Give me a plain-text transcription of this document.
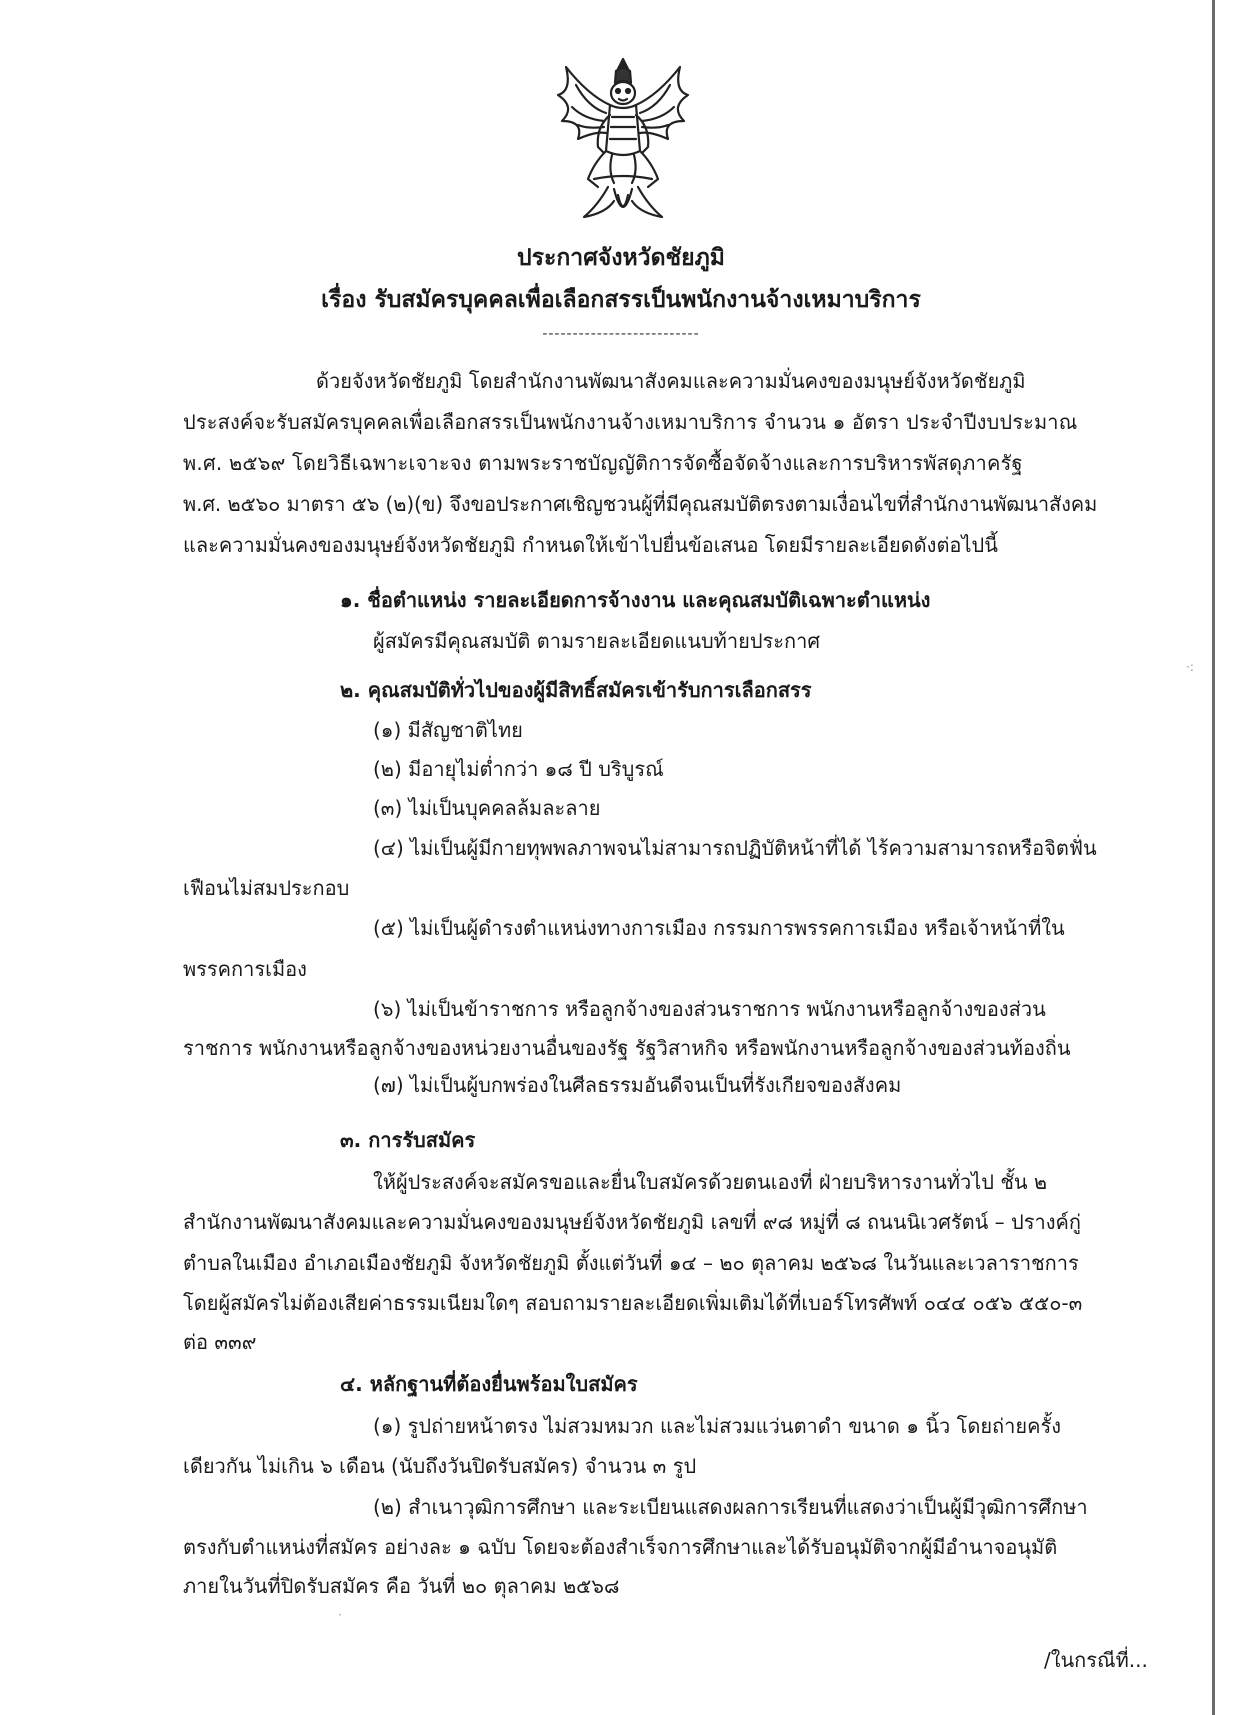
ประกาศจังหวัดชัยภูมิ
เรื่อง รับสมัครบุคคลเพื่อเลือกสรรเป็นพนักงานจ้างเหมาบริการ
--------------------------
ด้วยจังหวัดชัยภูมิ โดยสำนักงานพัฒนาสังคมและความมั่นคงของมนุษย์จังหวัดชัยภูมิ
ประสงค์จะรับสมัครบุคคลเพื่อเลือกสรรเป็นพนักงานจ้างเหมาบริการ จำนวน ๑ อัตรา ประจำปีงบประมาณ
พ.ศ. ๒๕๖๙ โดยวิธีเฉพาะเจาะจง ตามพระราชบัญญัติการจัดซื้อจัดจ้างและการบริหารพัสดุภาครัฐ
พ.ศ. ๒๕๖๐ มาตรา ๕๖ (๒)(ข) จึงขอประกาศเชิญชวนผู้ที่มีคุณสมบัติตรงตามเงื่อนไขที่สำนักงานพัฒนาสังคม
และความมั่นคงของมนุษย์จังหวัดชัยภูมิ กำหนดให้เข้าไปยื่นข้อเสนอ โดยมีรายละเอียดดังต่อไปนี้
๑. ชื่อตำแหน่ง รายละเอียดการจ้างงาน และคุณสมบัติเฉพาะตำแหน่ง
ผู้สมัครมีคุณสมบัติ ตามรายละเอียดแนบท้ายประกาศ
๒. คุณสมบัติทั่วไปของผู้มีสิทธิ์สมัครเข้ารับการเลือกสรร
(๑) มีสัญชาติไทย
(๒) มีอายุไม่ต่ำกว่า ๑๘ ปี บริบูรณ์
(๓) ไม่เป็นบุคคลล้มละลาย
(๔) ไม่เป็นผู้มีกายทุพพลภาพจนไม่สามารถปฏิบัติหน้าที่ได้ ไร้ความสามารถหรือจิตฟั่น
เฟือนไม่สมประกอบ
(๕) ไม่เป็นผู้ดำรงตำแหน่งทางการเมือง กรรมการพรรคการเมือง หรือเจ้าหน้าที่ใน
พรรคการเมือง
(๖) ไม่เป็นข้าราชการ หรือลูกจ้างของส่วนราชการ พนักงานหรือลูกจ้างของส่วน
ราชการ พนักงานหรือลูกจ้างของหน่วยงานอื่นของรัฐ รัฐวิสาหกิจ หรือพนักงานหรือลูกจ้างของส่วนท้องถิ่น
(๗) ไม่เป็นผู้บกพร่องในศีลธรรมอันดีจนเป็นที่รังเกียจของสังคม
๓. การรับสมัคร
ให้ผู้ประสงค์จะสมัครขอและยื่นใบสมัครด้วยตนเองที่ ฝ่ายบริหารงานทั่วไป ชั้น ๒
สำนักงานพัฒนาสังคมและความมั่นคงของมนุษย์จังหวัดชัยภูมิ เลขที่ ๙๘ หมู่ที่ ๘ ถนนนิเวศรัตน์ – ปรางค์กู่
ตำบลในเมือง อำเภอเมืองชัยภูมิ จังหวัดชัยภูมิ ตั้งแต่วันที่ ๑๔ – ๒๐ ตุลาคม ๒๕๖๘ ในวันและเวลาราชการ
โดยผู้สมัครไม่ต้องเสียค่าธรรมเนียมใดๆ สอบถามรายละเอียดเพิ่มเติมได้ที่เบอร์โทรศัพท์ ๐๔๔ ๐๕๖ ๕๕๐-๓
ต่อ ๓๓๙
๔. หลักฐานที่ต้องยื่นพร้อมใบสมัคร
(๑) รูปถ่ายหน้าตรง ไม่สวมหมวก และไม่สวมแว่นตาดำ ขนาด ๑ นิ้ว โดยถ่ายครั้ง
เดียวกัน ไม่เกิน ๖ เดือน (นับถึงวันปิดรับสมัคร) จำนวน ๓ รูป
(๒) สำเนาวุฒิการศึกษา และระเบียนแสดงผลการเรียนที่แสดงว่าเป็นผู้มีวุฒิการศึกษา
ตรงกับตำแหน่งที่สมัคร อย่างละ ๑ ฉบับ โดยจะต้องสำเร็จการศึกษาและได้รับอนุมัติจากผู้มีอำนาจอนุมัติ
ภายในวันที่ปิดรับสมัคร คือ วันที่ ๒๐ ตุลาคม ๒๕๖๘
/ในกรณีที่...
·:
·
